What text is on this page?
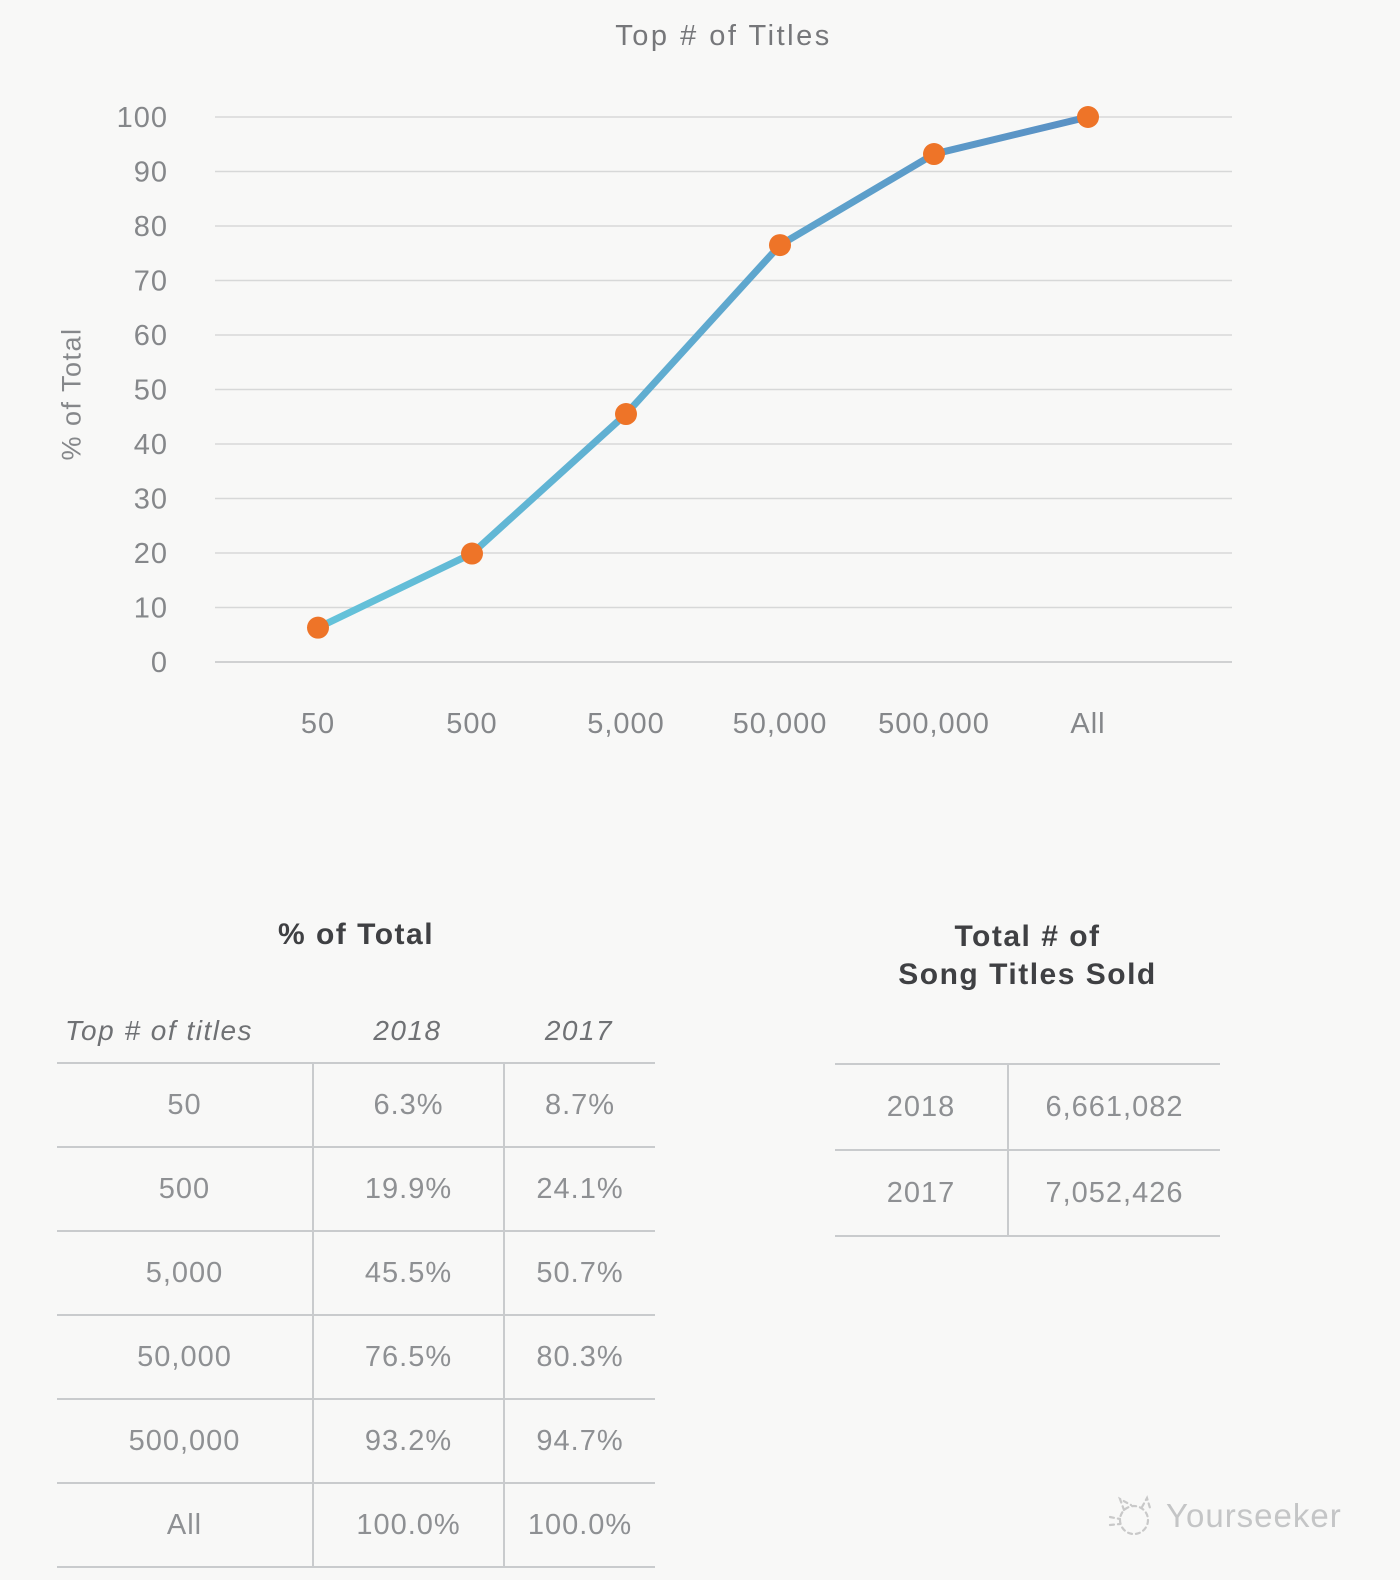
Top # of Titles
% of Total
0
10
20
30
40
50
60
70
80
90
100
50	500	5,000 50,000 500,000	All
% of Total
Top # of titles	2018	2017
50	6.3%	8.7%
500	19.9%	24.1%
5,000	45.5%	50.7%
50,000	76.5%	80.3%
500,000	93.2%	94.7%
All	100.0%	100.0%
Total # of
Song Titles Sold
2018	6,661,082
2017	7,052,426
Yourseeker
